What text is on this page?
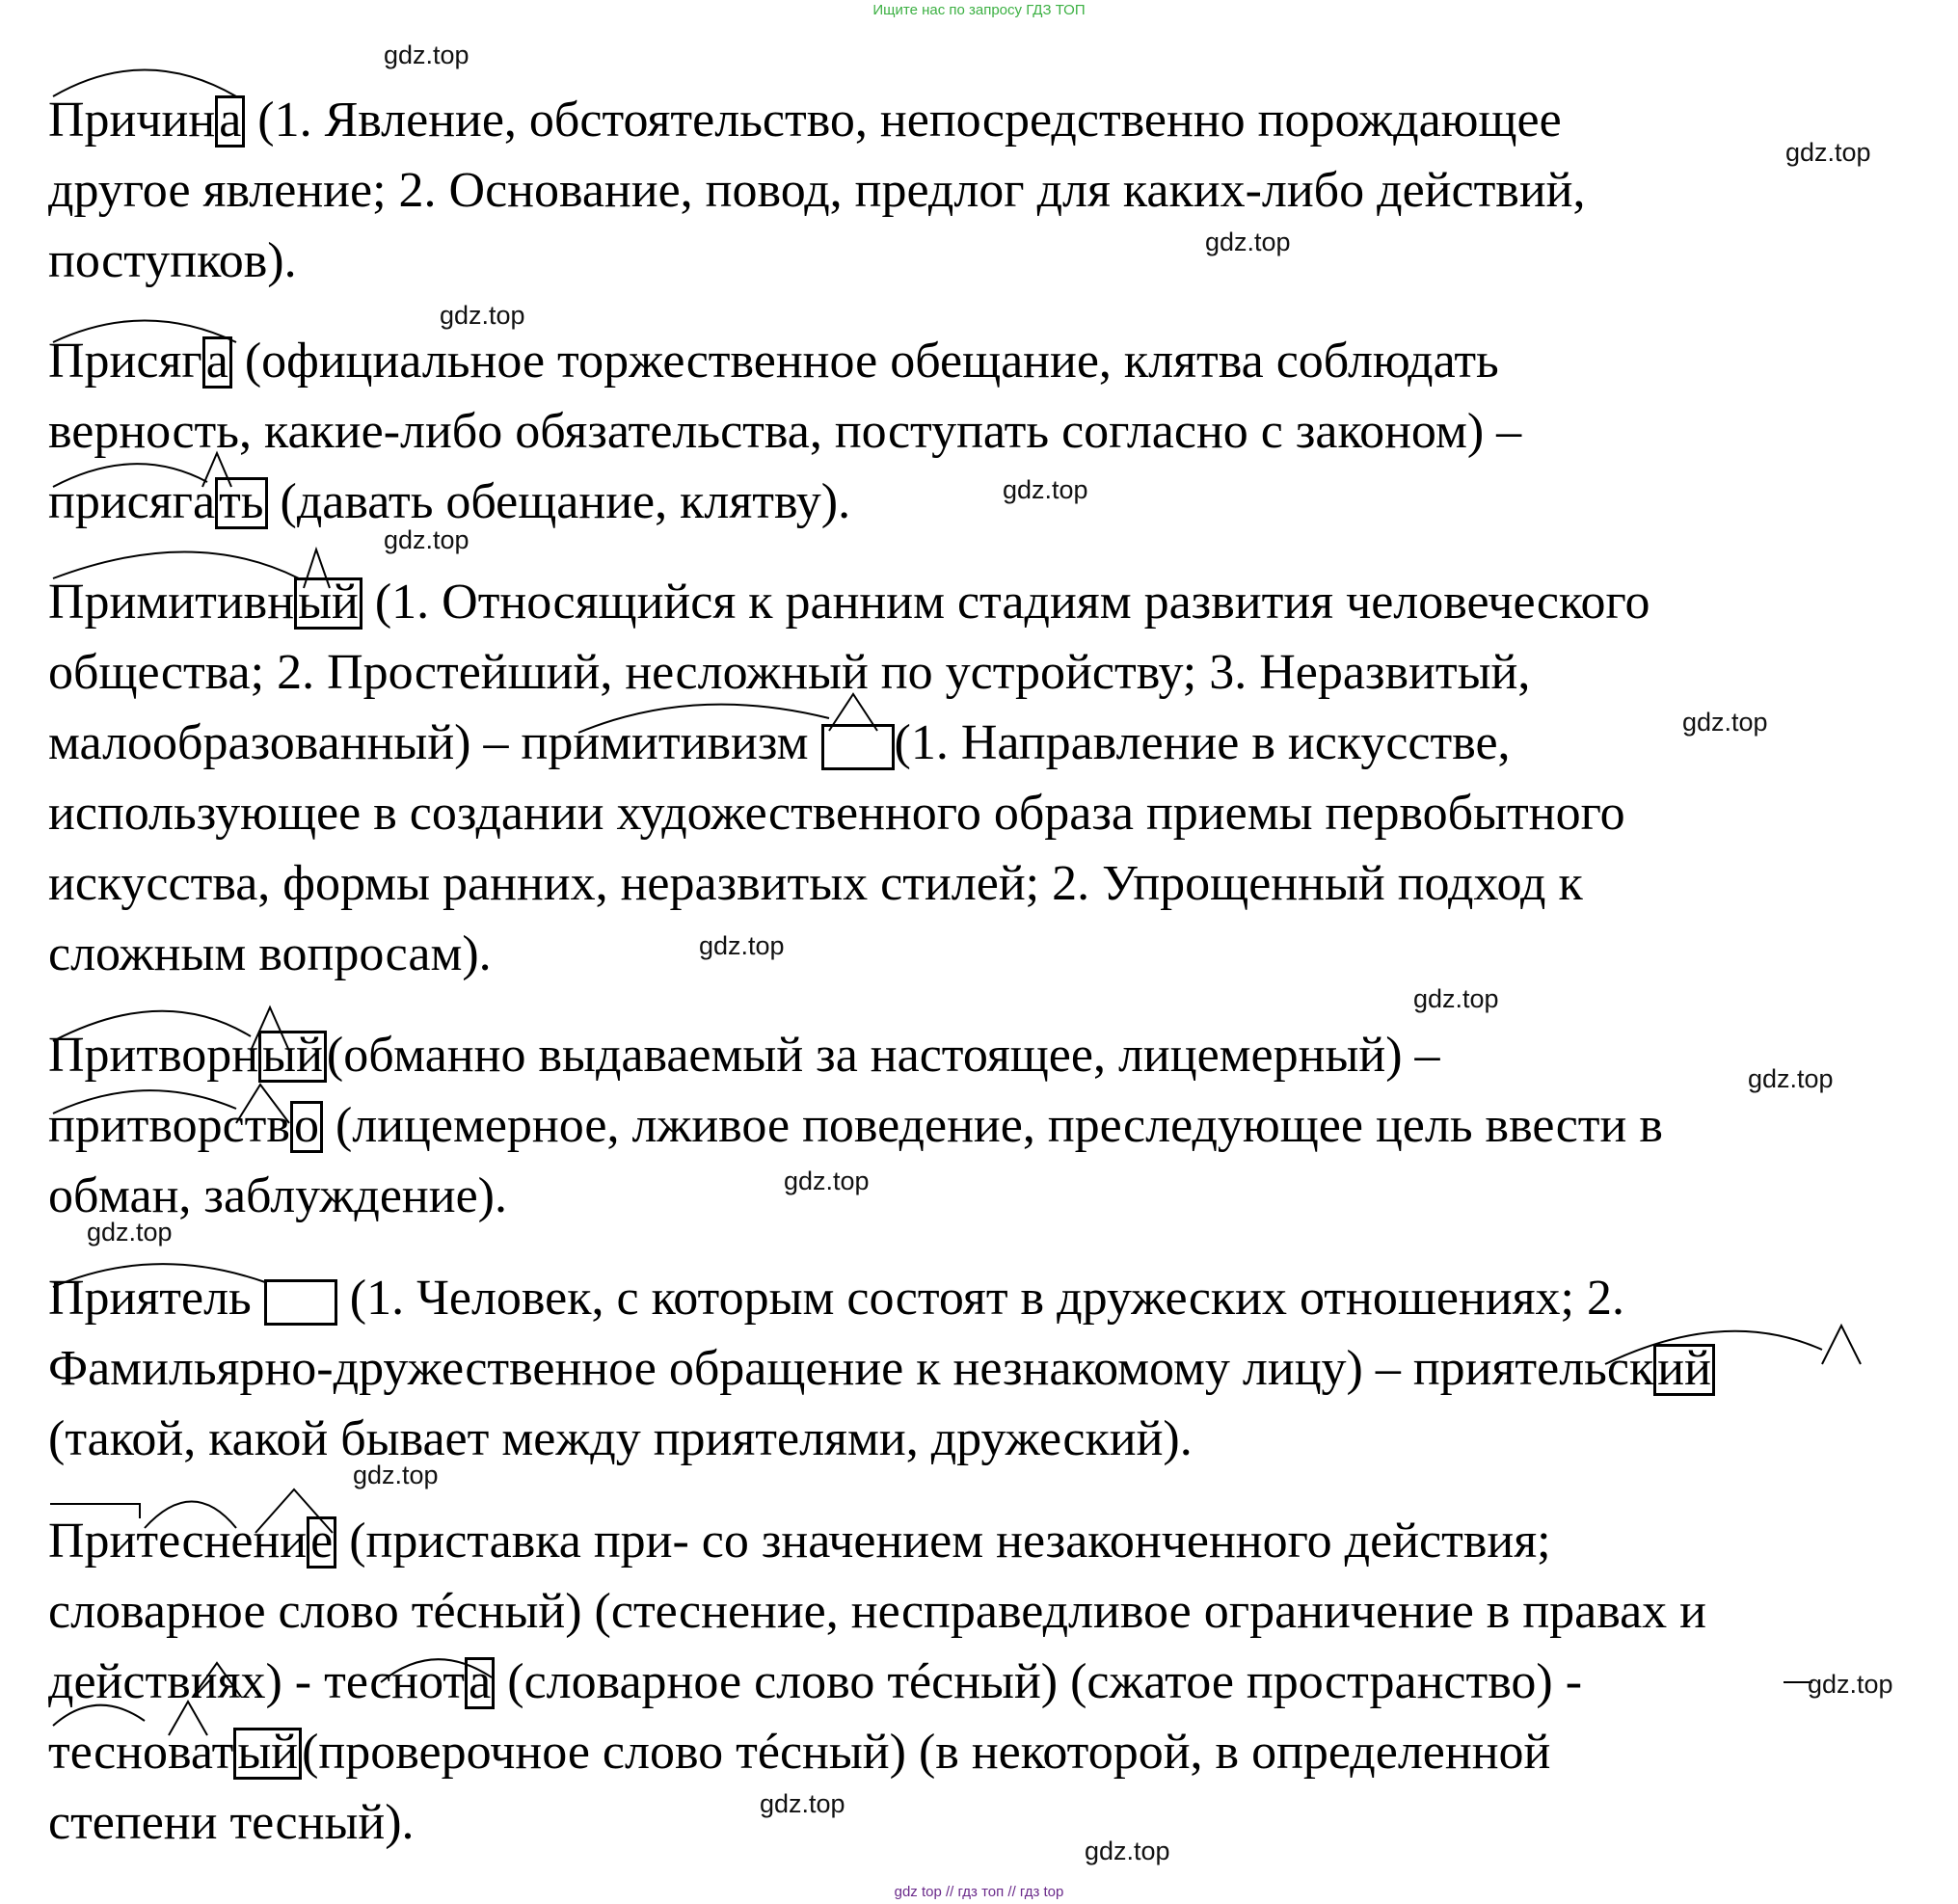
Ищите нас по запросу ГДЗ ТОП
Причина (1. Явление, обстоятельство, непосредственно порождающее
другое явление; 2. Основание, повод, предлог для каких-либо действий,
поступков).
Присяга (официальное торжественное обещание, клятва соблюдать
верность, какие-либо обязательства, поступать согласно с законом) –
присягать (давать обещание, клятву).
Примитивный (1. Относящийся к ранним стадиям развития человеческого
общества; 2. Простейший, несложный по устройству; 3. Неразвитый,
малообразованный) – примитивизм (1. Направление в искусстве,
использующее в создании художественного образа приемы первобытного
искусства, формы ранних, неразвитых стилей; 2. Упрощенный подход к
сложным вопросам).
Притворный(обманно выдаваемый за настоящее, лицемерный) –
притворство (лицемерное, лживое поведение, преследующее цель ввести в
обман, заблуждение).
Приятель  (1. Человек, с которым состоят в дружеских отношениях; 2.
Фамильярно-дружественное обращение к незнакомому лицу) – приятельский
(такой, какой бывает между приятелями, дружеский).
Притеснение (приставка при- со значением незаконченного действия;
словарное слово тéсный) (стеснение, несправедливое ограничение в правах и
действиях) - теснота (словарное слово тéсный) (сжатое пространство) -
тесноватый(проверочное слово тéсный) (в некоторой, в определенной
степени тесный).
gdz.top
gdz.top
gdz.top
gdz.top
gdz.top
gdz.top
gdz.top
gdz.top
gdz.top
gdz.top
gdz.top
gdz.top
gdz.top
gdz.top
gdz.top
gdz.top
gdz top // гдз топ // гдз top
